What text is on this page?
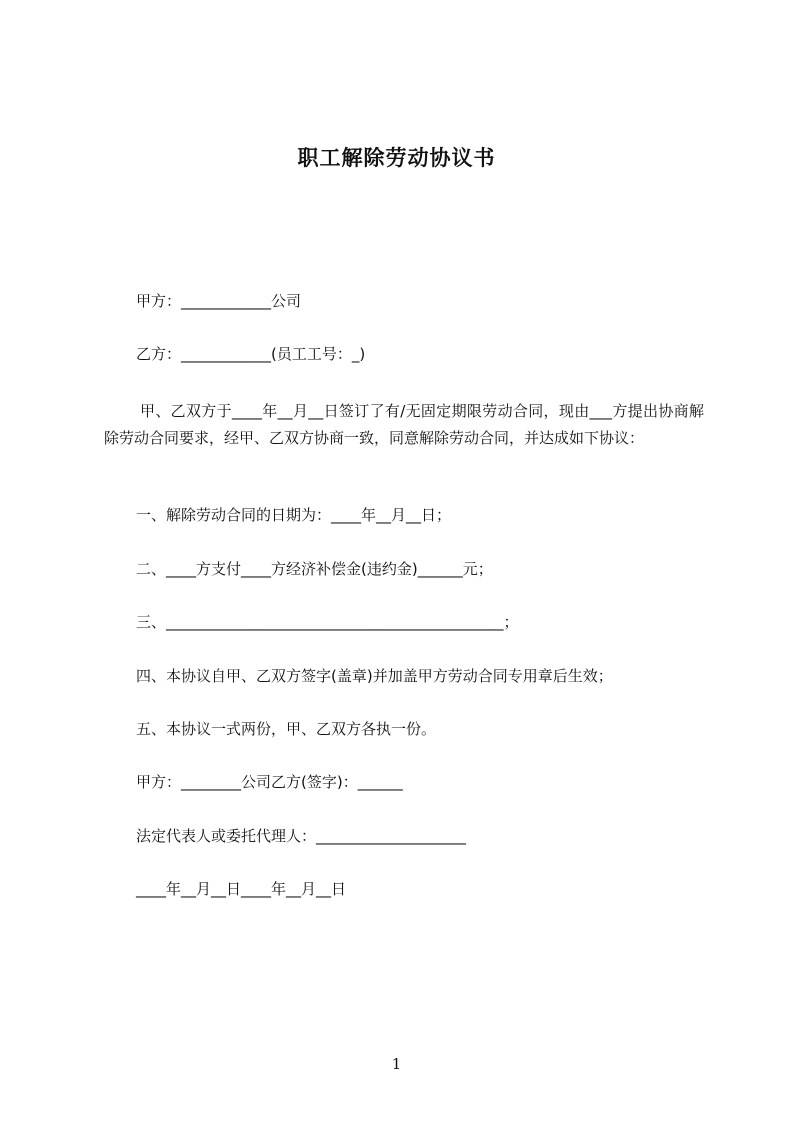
职工解除劳动协议书

甲方：____________公司

乙方：____________(员工工号：_)

甲、乙双方于____年__月__日签订了有/无固定期限劳动合同，现由___方提出协商解除劳动合同要求，经甲、乙双方协商一致，同意解除劳动合同，并达成如下协议：

一、解除劳动合同的日期为：____年__月__日；

二、____方支付____方经济补偿金(违约金)______元；

三、_____________________________________________；

四、本协议自甲、乙双方签字(盖章)并加盖甲方劳动合同专用章后生效；

五、本协议一式两份，甲、乙双方各执一份。

甲方：________公司乙方(签字)：______

法定代表人或委托代理人：____________________

____年__月__日____年__月__日

1
